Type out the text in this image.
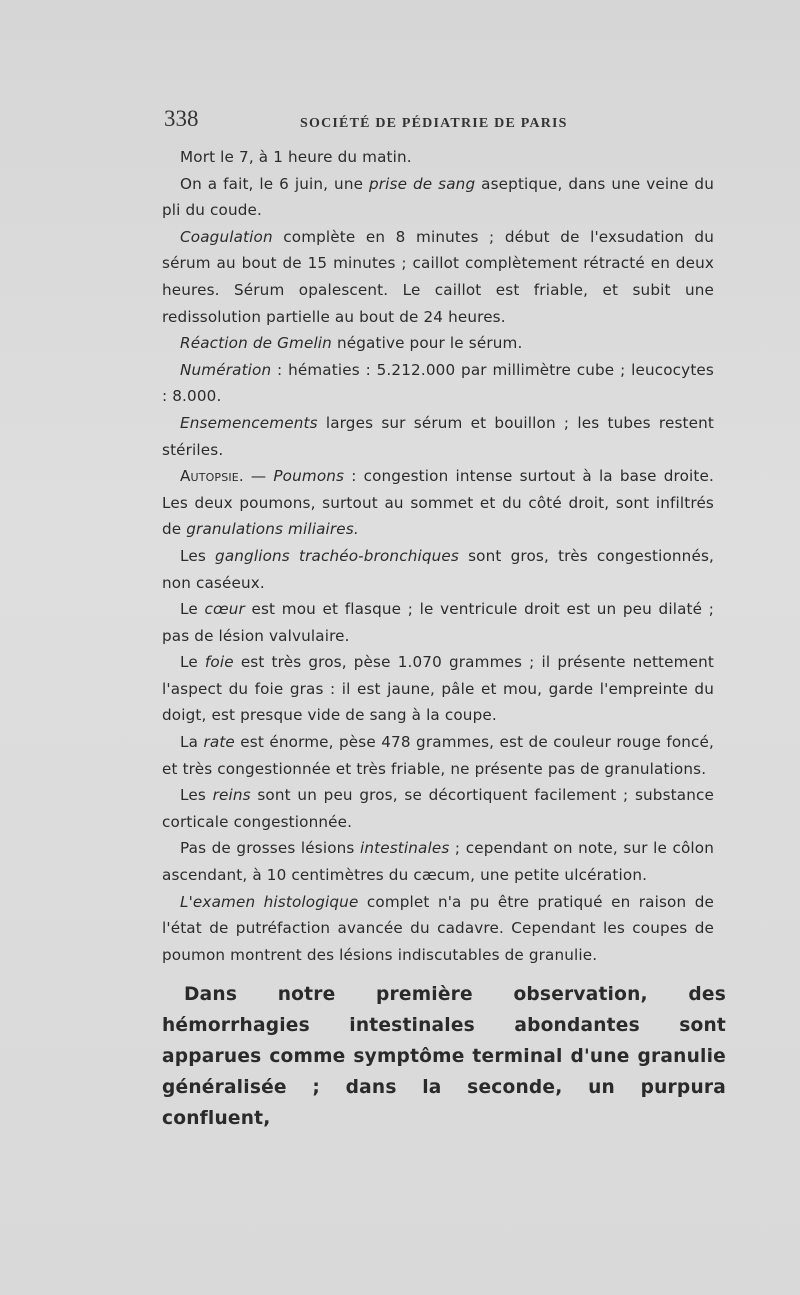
338	SOCIÉTÉ DE PÉDIATRIE DE PARIS

Mort le 7, à 1 heure du matin.

On a fait, le 6 juin, une prise de sang aseptique, dans une veine du pli du coude.

Coagulation complète en 8 minutes ; début de l'exsudation du sérum au bout de 15 minutes ; caillot complètement rétracté en deux heures. Sérum opalescent. Le caillot est friable, et subit une redissolution partielle au bout de 24 heures.

Réaction de Gmelin négative pour le sérum.

Numération : hématies : 5.212.000 par millimètre cube ; leucocytes : 8.000.

Ensemencements larges sur sérum et bouillon ; les tubes restent stériles.

Autopsie. — Poumons : congestion intense surtout à la base droite. Les deux poumons, surtout au sommet et du côté droit, sont infiltrés de granulations miliaires.

Les ganglions trachéo-bronchiques sont gros, très congestionnés, non caséeux.

Le cœur est mou et flasque ; le ventricule droit est un peu dilaté ; pas de lésion valvulaire.

Le foie est très gros, pèse 1.070 grammes ; il présente nettement l'aspect du foie gras : il est jaune, pâle et mou, garde l'empreinte du doigt, est presque vide de sang à la coupe.

La rate est énorme, pèse 478 grammes, est de couleur rouge foncé, et très congestionnée et très friable, ne présente pas de granulations.

Les reins sont un peu gros, se décortiquent facilement ; substance corticale congestionnée.

Pas de grosses lésions intestinales ; cependant on note, sur le côlon ascendant, à 10 centimètres du cæcum, une petite ulcération.

L'examen histologique complet n'a pu être pratiqué en raison de l'état de putréfaction avancée du cadavre. Cependant les coupes de poumon montrent des lésions indiscutables de granulie.

Dans notre première observation, des hémorrhagies intestinales abondantes sont apparues comme symptôme terminal d'une granulie généralisée ; dans la seconde, un purpura confluent,
